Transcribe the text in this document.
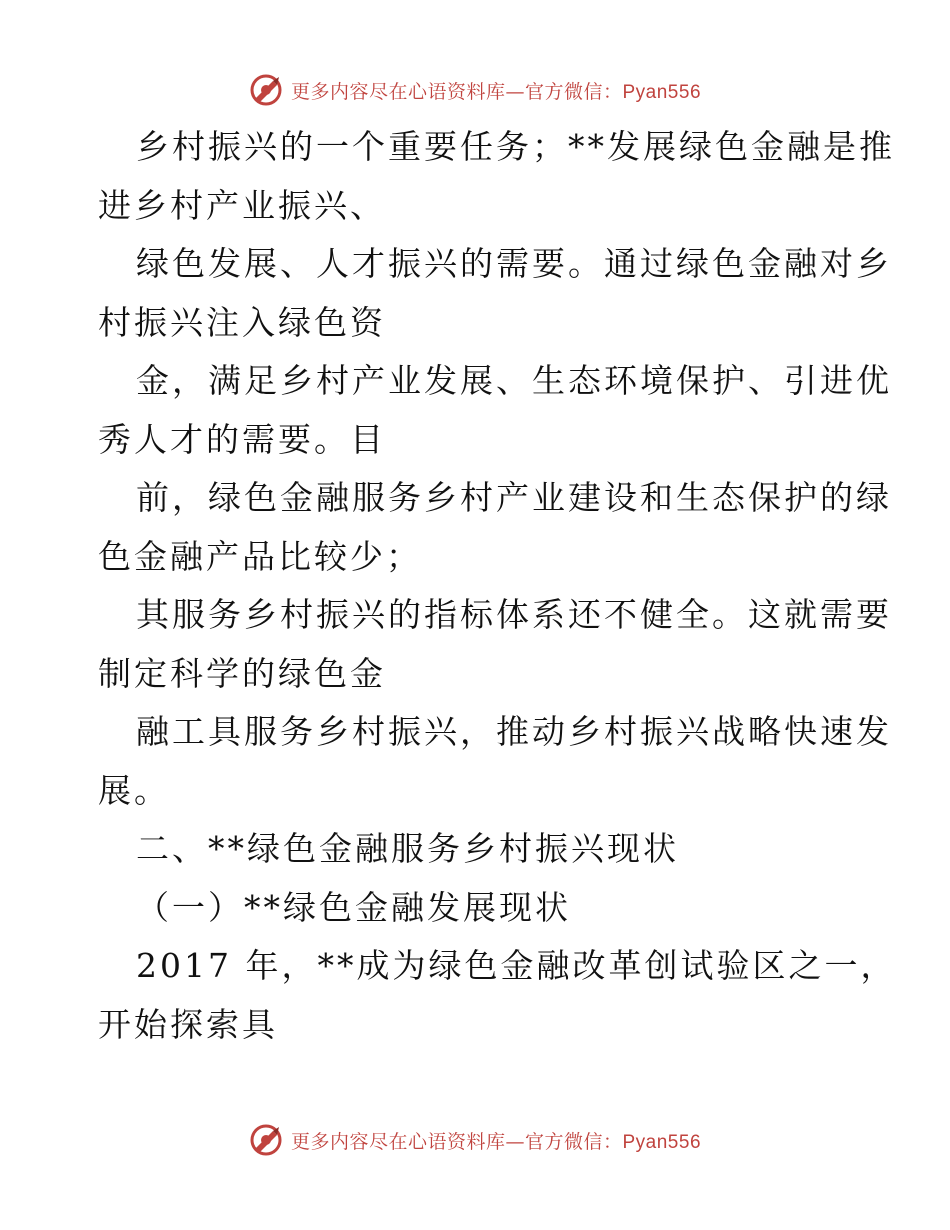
更多内容尽在心语资料库—官方微信：Pyan556
乡村振兴的一个重要任务；**发展绿色金融是推
进乡村产业振兴、
绿色发展、人才振兴的需要。通过绿色金融对乡
村振兴注入绿色资
金，满足乡村产业发展、生态环境保护、引进优
秀人才的需要。目
前，绿色金融服务乡村产业建设和生态保护的绿
色金融产品比较少；
其服务乡村振兴的指标体系还不健全。这就需要
制定科学的绿色金
融工具服务乡村振兴，推动乡村振兴战略快速发
展。
二、**绿色金融服务乡村振兴现状
（一）**绿色金融发展现状
2017 年，**成为绿色金融改革创试验区之一，
开始探索具
更多内容尽在心语资料库—官方微信：Pyan556
